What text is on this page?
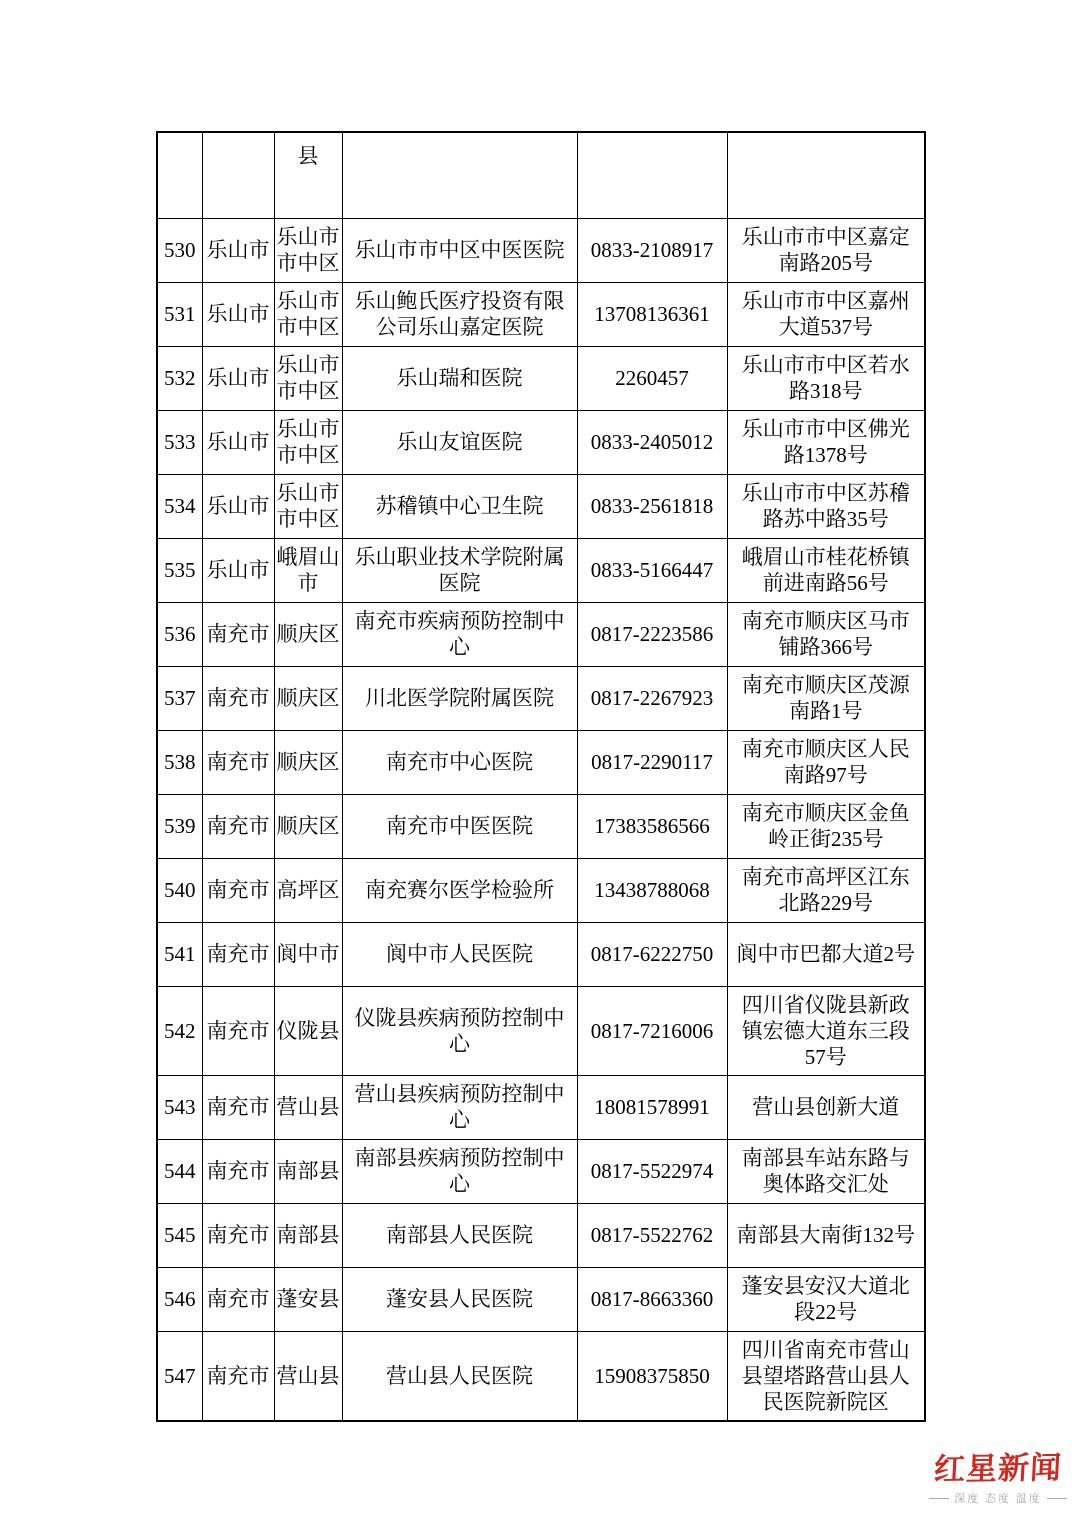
		县			
530	乐山市	乐山市市中区	乐山市市中区中医医院	0833-2108917	乐山市市中区嘉定南路205号
531	乐山市	乐山市市中区	乐山鲍氏医疗投资有限公司乐山嘉定医院	13708136361	乐山市市中区嘉州大道537号
532	乐山市	乐山市市中区	乐山瑞和医院	2260457	乐山市市中区若水路318号
533	乐山市	乐山市市中区	乐山友谊医院	0833-2405012	乐山市市中区佛光路1378号
534	乐山市	乐山市市中区	苏稽镇中心卫生院	0833-2561818	乐山市市中区苏稽路苏中路35号
535	乐山市	峨眉山市	乐山职业技术学院附属医院	0833-5166447	峨眉山市桂花桥镇前进南路56号
536	南充市	顺庆区	南充市疾病预防控制中心	0817-2223586	南充市顺庆区马市铺路366号
537	南充市	顺庆区	川北医学院附属医院	0817-2267923	南充市顺庆区茂源南路1号
538	南充市	顺庆区	南充市中心医院	0817-2290117	南充市顺庆区人民南路97号
539	南充市	顺庆区	南充市中医医院	17383586566	南充市顺庆区金鱼岭正街235号
540	南充市	高坪区	南充赛尔医学检验所	13438788068	南充市高坪区江东北路229号
541	南充市	阆中市	阆中市人民医院	0817-6222750	阆中市巴都大道2号
542	南充市	仪陇县	仪陇县疾病预防控制中心	0817-7216006	四川省仪陇县新政镇宏德大道东三段57号
543	南充市	营山县	营山县疾病预防控制中心	18081578991	营山县创新大道
544	南充市	南部县	南部县疾病预防控制中心	0817-5522974	南部县车站东路与奥体路交汇处
545	南充市	南部县	南部县人民医院	0817-5522762	南部县大南街132号
546	南充市	蓬安县	蓬安县人民医院	0817-8663360	蓬安县安汉大道北段22号
547	南充市	营山县	营山县人民医院	15908375850	四川省南充市营山县望塔路营山县人民医院新院区
红星新闻
深度 态度 温度
